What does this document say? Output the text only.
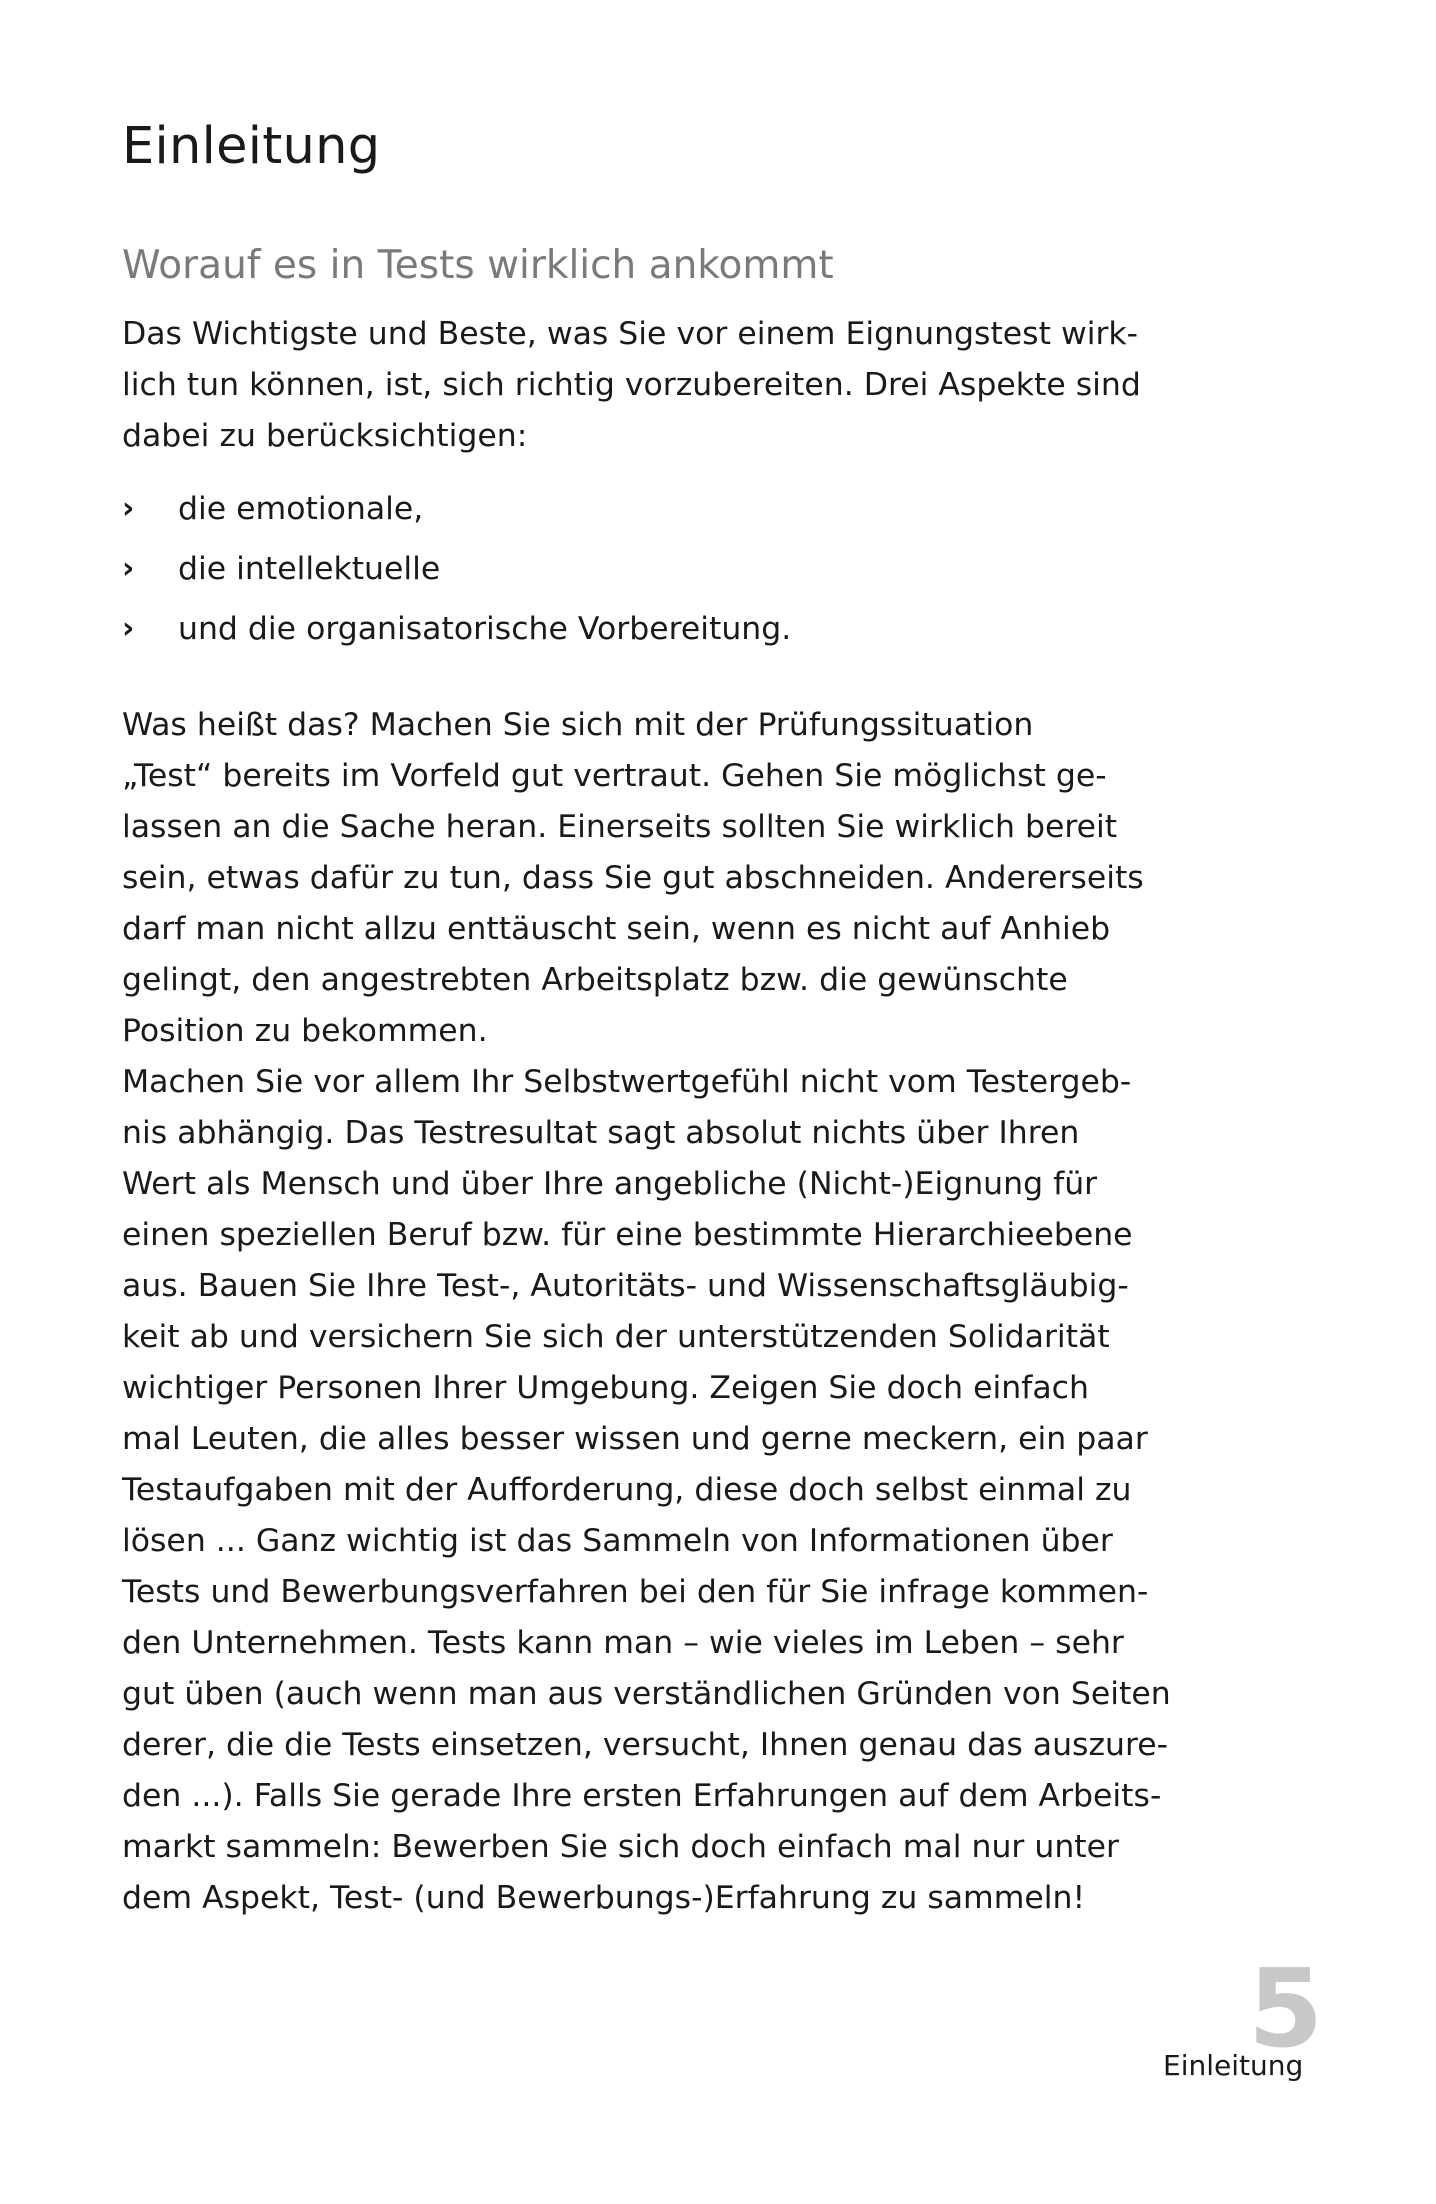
Einleitung
Worauf es in Tests wirklich ankommt

Das Wichtigste und Beste, was Sie vor einem Eignungstest wirk-
lich tun können, ist, sich richtig vorzubereiten. Drei Aspekte sind
dabei zu berücksichtigen:

› die emotionale,
› die intellektuelle
› und die organisatorische Vorbereitung.

Was heißt das? Machen Sie sich mit der Prüfungssituation
„Test“ bereits im Vorfeld gut vertraut. Gehen Sie möglichst ge-
lassen an die Sache heran. Einerseits sollten Sie wirklich bereit
sein, etwas dafür zu tun, dass Sie gut abschneiden. Andererseits
darf man nicht allzu enttäuscht sein, wenn es nicht auf Anhieb
gelingt, den angestrebten Arbeitsplatz bzw. die gewünschte
Position zu bekommen.
Machen Sie vor allem Ihr Selbstwertgefühl nicht vom Testergeb-
nis abhängig. Das Testresultat sagt absolut nichts über Ihren
Wert als Mensch und über Ihre angebliche (Nicht-)Eignung für
einen speziellen Beruf bzw. für eine bestimmte Hierarchieebene
aus. Bauen Sie Ihre Test-, Autoritäts- und Wissenschaftsgläubig-
keit ab und versichern Sie sich der unterstützenden Solidarität
wichtiger Personen Ihrer Umgebung. Zeigen Sie doch einfach
mal Leuten, die alles besser wissen und gerne meckern, ein paar
Testaufgaben mit der Aufforderung, diese doch selbst einmal zu
lösen ... Ganz wichtig ist das Sammeln von Informationen über
Tests und Bewerbungsverfahren bei den für Sie infrage kommen-
den Unternehmen. Tests kann man – wie vieles im Leben – sehr
gut üben (auch wenn man aus verständlichen Gründen von Seiten
derer, die die Tests einsetzen, versucht, Ihnen genau das auszure-
den ...). Falls Sie gerade Ihre ersten Erfahrungen auf dem Arbeits-
markt sammeln: Bewerben Sie sich doch einfach mal nur unter
dem Aspekt, Test- (und Bewerbungs-)Erfahrung zu sammeln!

5
Einleitung
